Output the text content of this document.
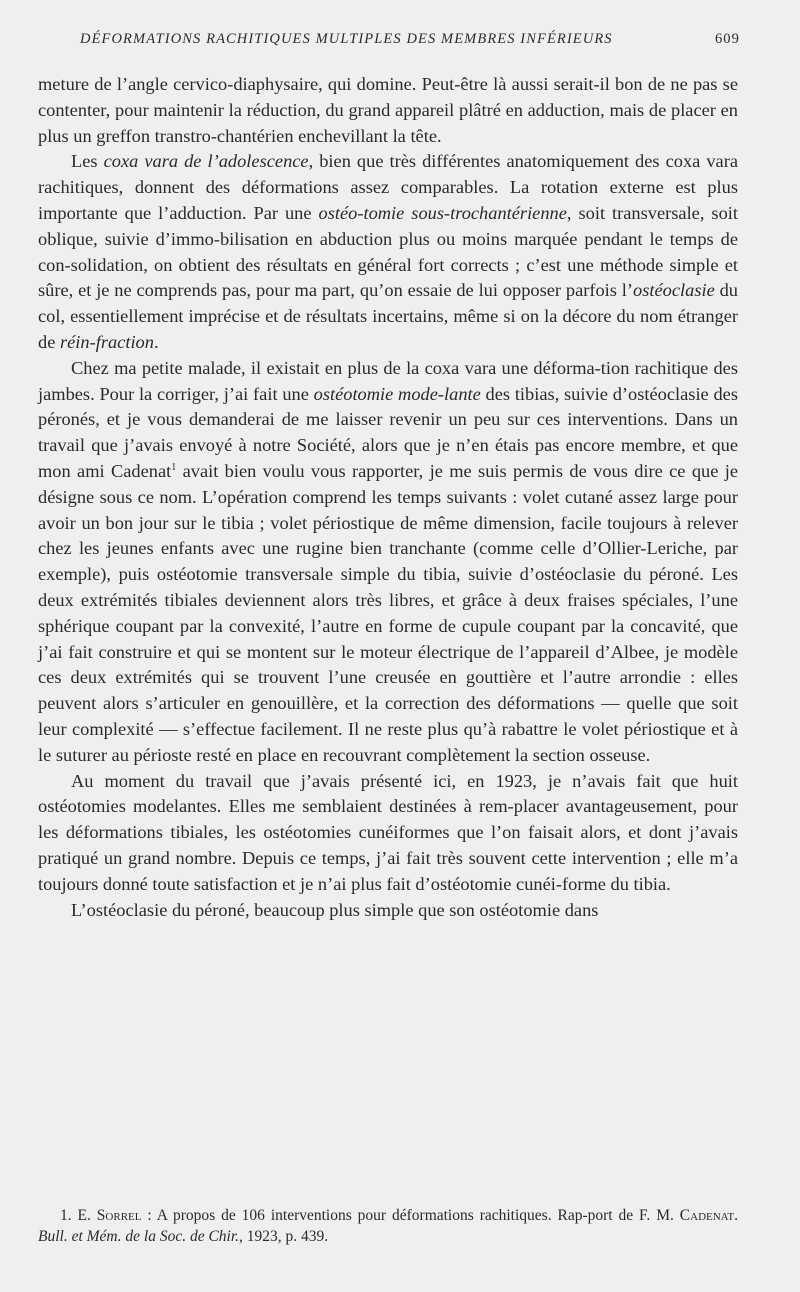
DÉFORMATIONS RACHITIQUES MULTIPLES DES MEMBRES INFÉRIEURS	609

meture de l’angle cervico-diaphysaire, qui domine. Peut-être là aussi serait-il bon de ne pas se contenter, pour maintenir la réduction, du grand appareil plâtré en adduction, mais de placer en plus un greffon transtro-chantérien enchevillant la tête.

Les coxa vara de l’adolescence, bien que très différentes anatomiquement des coxa vara rachitiques, donnent des déformations assez comparables. La rotation externe est plus importante que l’adduction. Par une ostéo-tomie sous-trochantérienne, soit transversale, soit oblique, suivie d’immo-bilisation en abduction plus ou moins marquée pendant le temps de con-solidation, on obtient des résultats en général fort corrects ; c’est une méthode simple et sûre, et je ne comprends pas, pour ma part, qu’on essaie de lui opposer parfois l’ostéoclasie du col, essentiellement imprécise et de résultats incertains, même si on la décore du nom étranger de réin-fraction.

Chez ma petite malade, il existait en plus de la coxa vara une déforma-tion rachitique des jambes. Pour la corriger, j’ai fait une ostéotomie mode-lante des tibias, suivie d’ostéoclasie des péronés, et je vous demanderai de me laisser revenir un peu sur ces interventions. Dans un travail que j’avais envoyé à notre Société, alors que je n’en étais pas encore membre, et que mon ami Cadenat$^1$ avait bien voulu vous rapporter, je me suis permis de vous dire ce que je désigne sous ce nom. L’opération comprend les temps suivants : volet cutané assez large pour avoir un bon jour sur le tibia ; volet périostique de même dimension, facile toujours à relever chez les jeunes enfants avec une rugine bien tranchante (comme celle d’Ollier-Leriche, par exemple), puis ostéotomie transversale simple du tibia, suivie d’ostéoclasie du péroné. Les deux extrémités tibiales deviennent alors très libres, et grâce à deux fraises spéciales, l’une sphérique coupant par la convexité, l’autre en forme de cupule coupant par la concavité, que j’ai fait construire et qui se montent sur le moteur électrique de l’appareil d’Albee, je modèle ces deux extrémités qui se trouvent l’une creusée en gouttière et l’autre arrondie : elles peuvent alors s’articuler en genouillère, et la correction des déformations — quelle que soit leur complexité — s’effectue facilement. Il ne reste plus qu’à rabattre le volet périostique et à le suturer au périoste resté en place en recouvrant complètement la section osseuse.

Au moment du travail que j’avais présenté ici, en 1923, je n’avais fait que huit ostéotomies modelantes. Elles me semblaient destinées à rem-placer avantageusement, pour les déformations tibiales, les ostéotomies cunéiformes que l’on faisait alors, et dont j’avais pratiqué un grand nombre. Depuis ce temps, j’ai fait très souvent cette intervention ; elle m’a toujours donné toute satisfaction et je n’ai plus fait d’ostéotomie cunéi-forme du tibia.

L’ostéoclasie du péroné, beaucoup plus simple que son ostéotomie dans

1. E. Sorrel : A propos de 106 interventions pour déformations rachitiques. Rap-port de F. M. Cadenat. Bull. et Mém. de la Soc. de Chir., 1923, p. 439.
